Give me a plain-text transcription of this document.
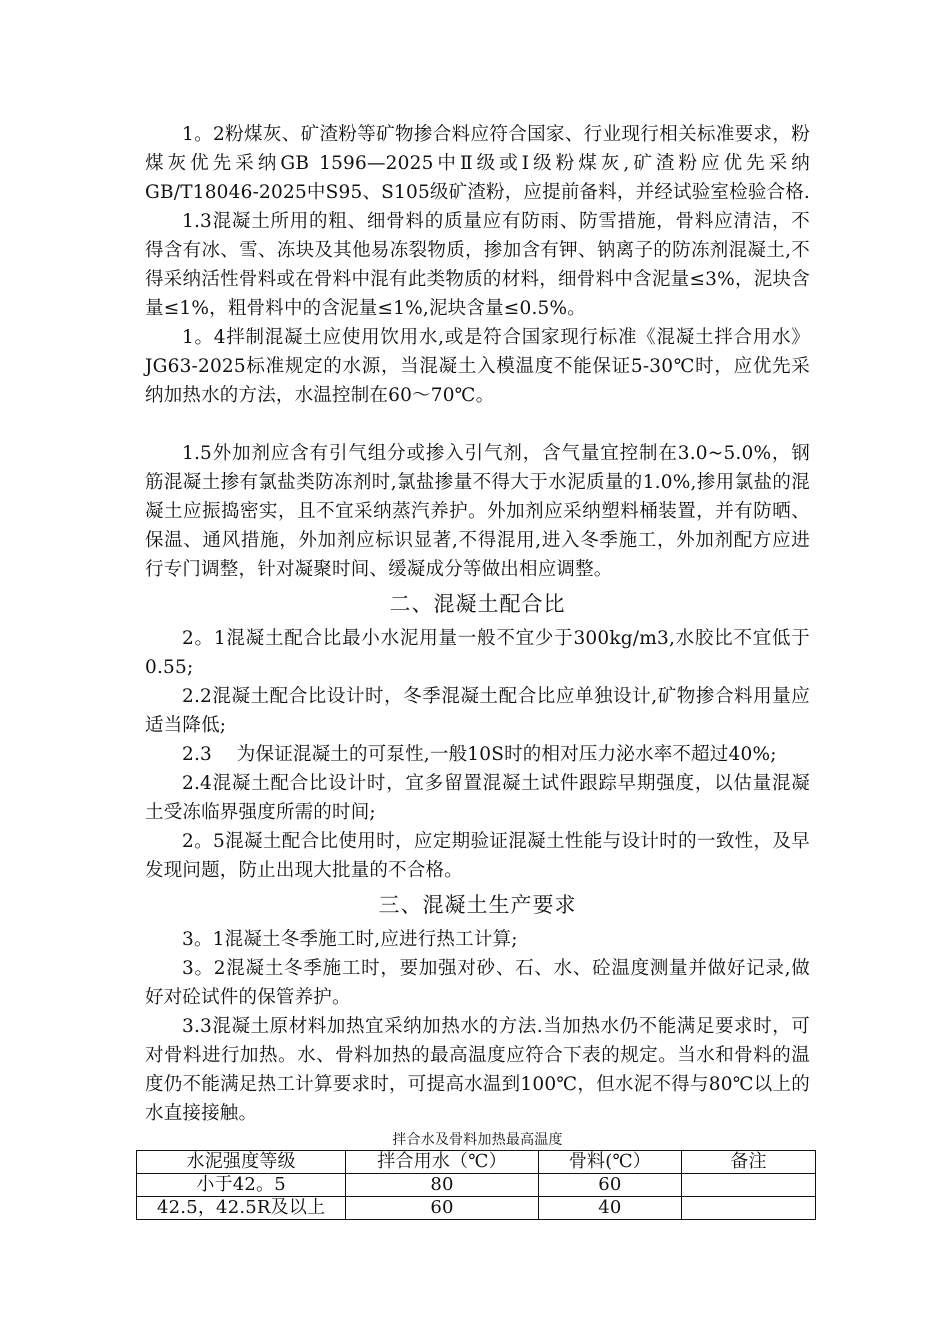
1。2粉煤灰、矿渣粉等矿物掺合料应符合国家、行业现行相关标准要求，粉煤灰优先采纳GB 1596—2025中Ⅱ级或Ⅰ级粉煤灰,矿渣粉应优先采纳GB/T18046-2025中S95、S105级矿渣粉，应提前备料，并经试验室检验合格.

1.3混凝土所用的粗、细骨料的质量应有防雨、防雪措施，骨料应清洁，不得含有冰、雪、冻块及其他易冻裂物质，掺加含有钾、钠离子的防冻剂混凝土,不得采纳活性骨料或在骨料中混有此类物质的材料，细骨料中含泥量≤3%，泥块含量≤1%，粗骨料中的含泥量≤1%,泥块含量≤0.5%。

1。4拌制混凝土应使用饮用水,或是符合国家现行标准《混凝土拌合用水》JG63-2025标准规定的水源，当混凝土入模温度不能保证5-30℃时，应优先采纳加热水的方法，水温控制在60～70℃。

1.5外加剂应含有引气组分或掺入引气剂，含气量宜控制在3.0~5.0%，钢筋混凝土掺有氯盐类防冻剂时,氯盐掺量不得大于水泥质量的1.0%,掺用氯盐的混凝土应振捣密实，且不宜采纳蒸汽养护。外加剂应采纳塑料桶装置，并有防晒、保温、通风措施，外加剂应标识显著,不得混用,进入冬季施工，外加剂配方应进行专门调整，针对凝聚时间、缓凝成分等做出相应调整。

二、混凝土配合比

2。1混凝土配合比最小水泥用量一般不宜少于300kg/m3,水胶比不宜低于0.55;

2.2混凝土配合比设计时，冬季混凝土配合比应单独设计,矿物掺合料用量应适当降低;

2.3　 为保证混凝土的可泵性,一般10S时的相对压力泌水率不超过40%;

2.4混凝土配合比设计时，宜多留置混凝土试件跟踪早期强度，以估量混凝土受冻临界强度所需的时间;

2。5混凝土配合比使用时，应定期验证混凝土性能与设计时的一致性，及早发现问题，防止出现大批量的不合格。

三、混凝土生产要求

3。1混凝土冬季施工时,应进行热工计算;

3。2混凝土冬季施工时，要加强对砂、石、水、砼温度测量并做好记录,做好对砼试件的保管养护。

3.3混凝土原材料加热宜采纳加热水的方法.当加热水仍不能满足要求时，可对骨料进行加热。水、骨料加热的最高温度应符合下表的规定。当水和骨料的温度仍不能满足热工计算要求时，可提高水温到100℃，但水泥不得与80℃以上的水直接接触。

拌合水及骨料加热最高温度
水泥强度等级	拌合用水（℃）	骨料(℃）	备注
小于42。5	80	60	
42.5，42.5R及以上	60	40	
